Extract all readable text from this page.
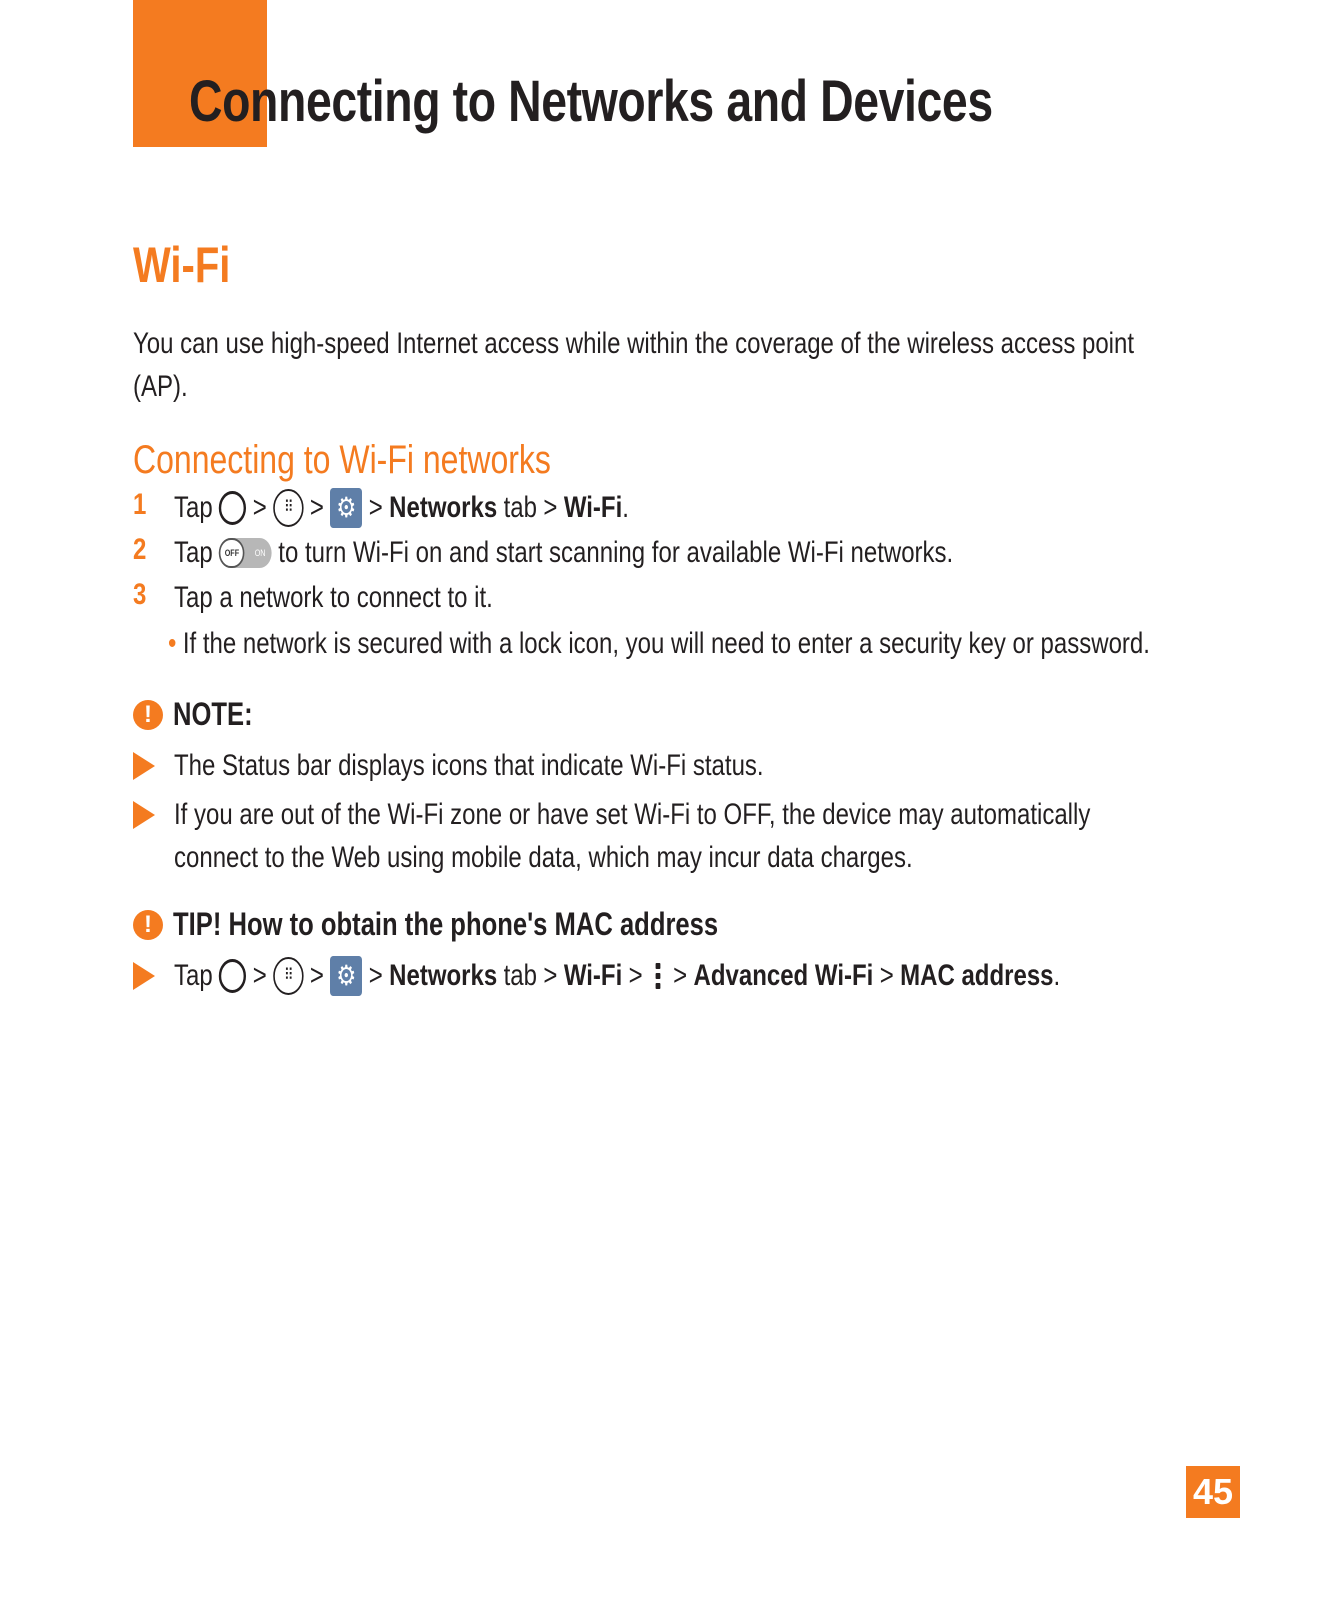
Connecting to Networks and Devices
Wi-Fi
You can use high-speed Internet access while within the coverage of the wireless access point
(AP).
Connecting to Wi-Fi networks
1 Tap >	⠿ > ⚙ > Networks tab > Wi-Fi.
2 Tap	OFF	ON to turn Wi-Fi on and start scanning for available Wi-Fi networks.
3 Tap a network to connect to it.
• If the network is secured with a lock icon, you will need to enter a security key or password.
! NOTE:
The Status bar displays icons that indicate Wi-Fi status.
If you are out of the Wi-Fi zone or have set Wi-Fi to OFF, the device may automatically
connect to the Web using mobile data, which may incur data charges.
! TIP! How to obtain the phone's MAC address
Tap >	⠿ > ⚙ > Networks tab > Wi-Fi > > Advanced Wi-Fi > MAC address.
45
